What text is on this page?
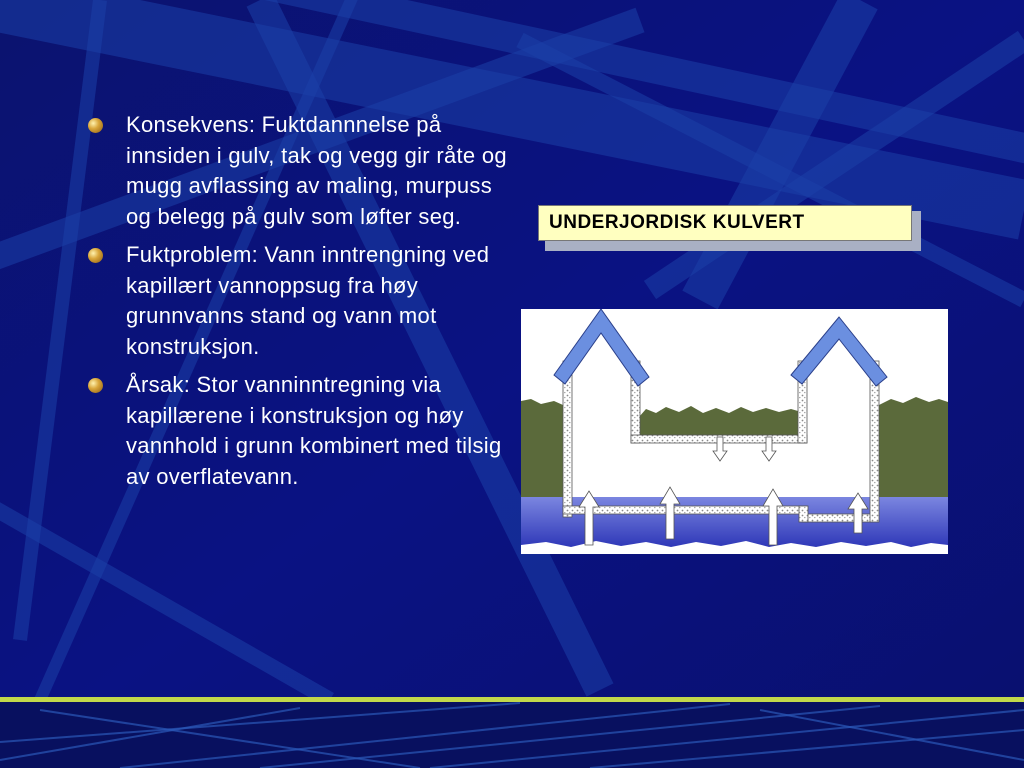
Konsekvens: Fuktdannnelse på innsiden i gulv, tak og vegg gir råte og mugg avflassing av maling, murpuss og belegg på gulv som løfter seg.
Fuktproblem: Vann inntrengning ved kapillært vannoppsug fra høy grunnvanns stand og vann mot konstruksjon.
Årsak: Stor vanninntregning via kapillærene i konstruksjon og høy vannhold i grunn kombinert med tilsig av overflatevann.
UNDERJORDISK KULVERT
